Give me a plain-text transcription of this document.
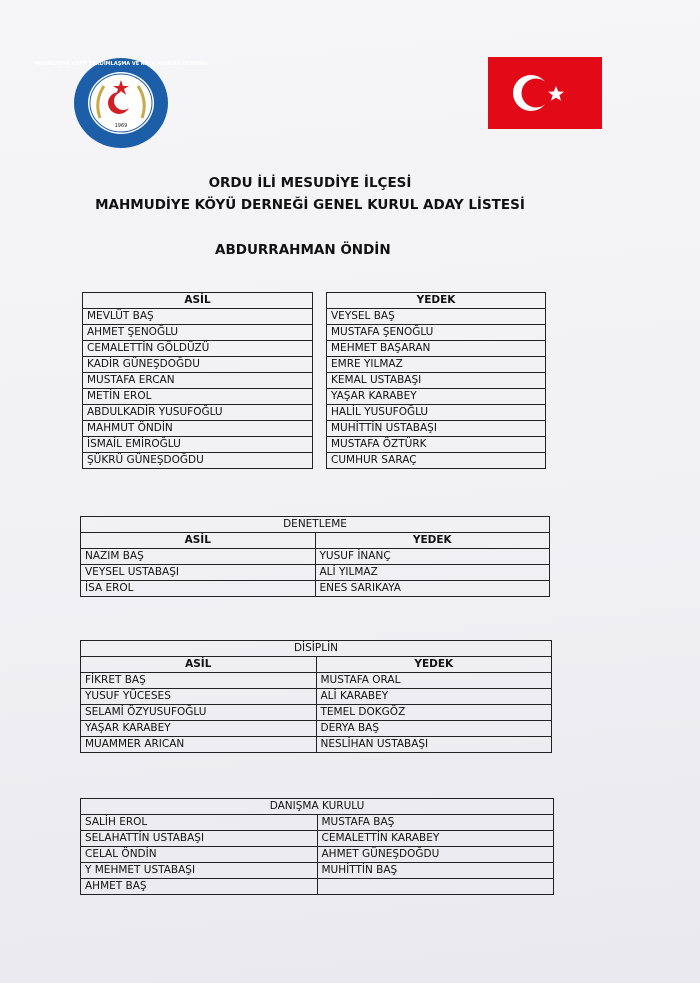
1969
MAHMUDİYE KÖYÜ YARDIMLAŞMA VE KALKINDIRMA DERNEĞİ
ORDU İLİ MESUDİYE İLÇESİ
MAHMUDİYE KÖYÜ DERNEĞİ GENEL KURUL ADAY LİSTESİ
ABDURRAHMAN ÖNDİN
ASİL
MEVLÜT BAŞ
AHMET ŞENOĞLU
CEMALETTİN GÖLDÜZÜ
KADİR GÜNEŞDOĞDU
MUSTAFA ERCAN
METİN EROL
ABDULKADİR YUSUFOĞLU
MAHMUT ÖNDİN
İSMAİL EMİROĞLU
ŞÜKRÜ GÜNEŞDOĞDU
YEDEK
VEYSEL BAŞ
MUSTAFA ŞENOĞLU
MEHMET BAŞARAN
EMRE YILMAZ
KEMAL USTABAŞI
YAŞAR KARABEY
HALİL YUSUFOĞLU
MUHİTTİN USTABAŞI
MUSTAFA ÖZTÜRK
CUMHUR SARAÇ
DENETLEME	
ASİL	YEDEK
NAZIM BAŞ	YUSUF İNANÇ
VEYSEL USTABAŞI	ALİ YILMAZ
İSA EROL	ENES SARIKAYA
DİSİPLİN	
ASİL	YEDEK
FİKRET BAŞ	MUSTAFA ORAL
YUSUF YÜCESES	ALİ KARABEY
SELAMİ ÖZYUSUFOĞLU	TEMEL DOKGÖZ
YAŞAR KARABEY	DERYA BAŞ
MUAMMER ARICAN	NESLİHAN USTABAŞI
DANIŞMA KURULU	
SALİH EROL	MUSTAFA BAŞ
SELAHATTİN USTABAŞI	CEMALETTİN KARABEY
CELAL ÖNDİN	AHMET GÜNEŞDOĞDU
Y MEHMET USTABAŞI	MUHİTTİN BAŞ
AHMET BAŞ	
